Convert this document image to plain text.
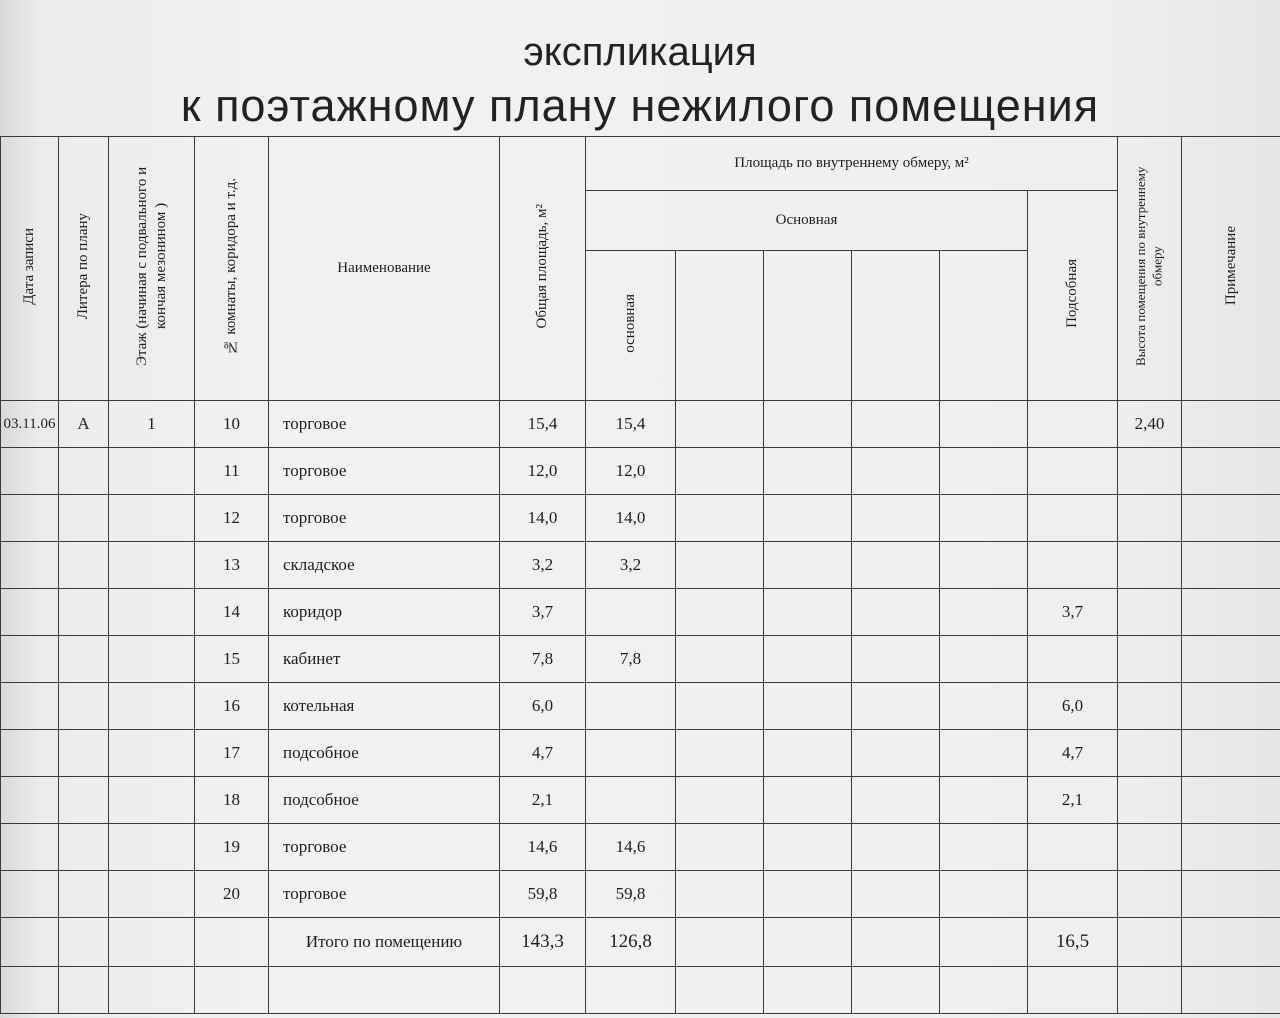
экспликация
к поэтажному плану нежилого помещения
Дата записи	Литера по плану	Этаж (начиная с подвального и кончая мезонином )	№ комнаты, коридора и т.д.	Наименование	Общая площадь, м²	Площадь по внутреннему обмеру, м²						Высота помещения по внутреннему обмеру	Примечание
						Основная					Подсобная		
						основная							
03.11.06	А	1	10	торговое	15,4	15,4						2,40	
			11	торговое	12,0	12,0							
			12	торговое	14,0	14,0							
			13	складское	3,2	3,2							
			14	коридор	3,7						3,7		
			15	кабинет	7,8	7,8							
			16	котельная	6,0						6,0		
			17	подсобное	4,7						4,7		
			18	подсобное	2,1						2,1		
			19	торговое	14,6	14,6							
			20	торговое	59,8	59,8							
				Итого по помещению	143,3	126,8					16,5		
